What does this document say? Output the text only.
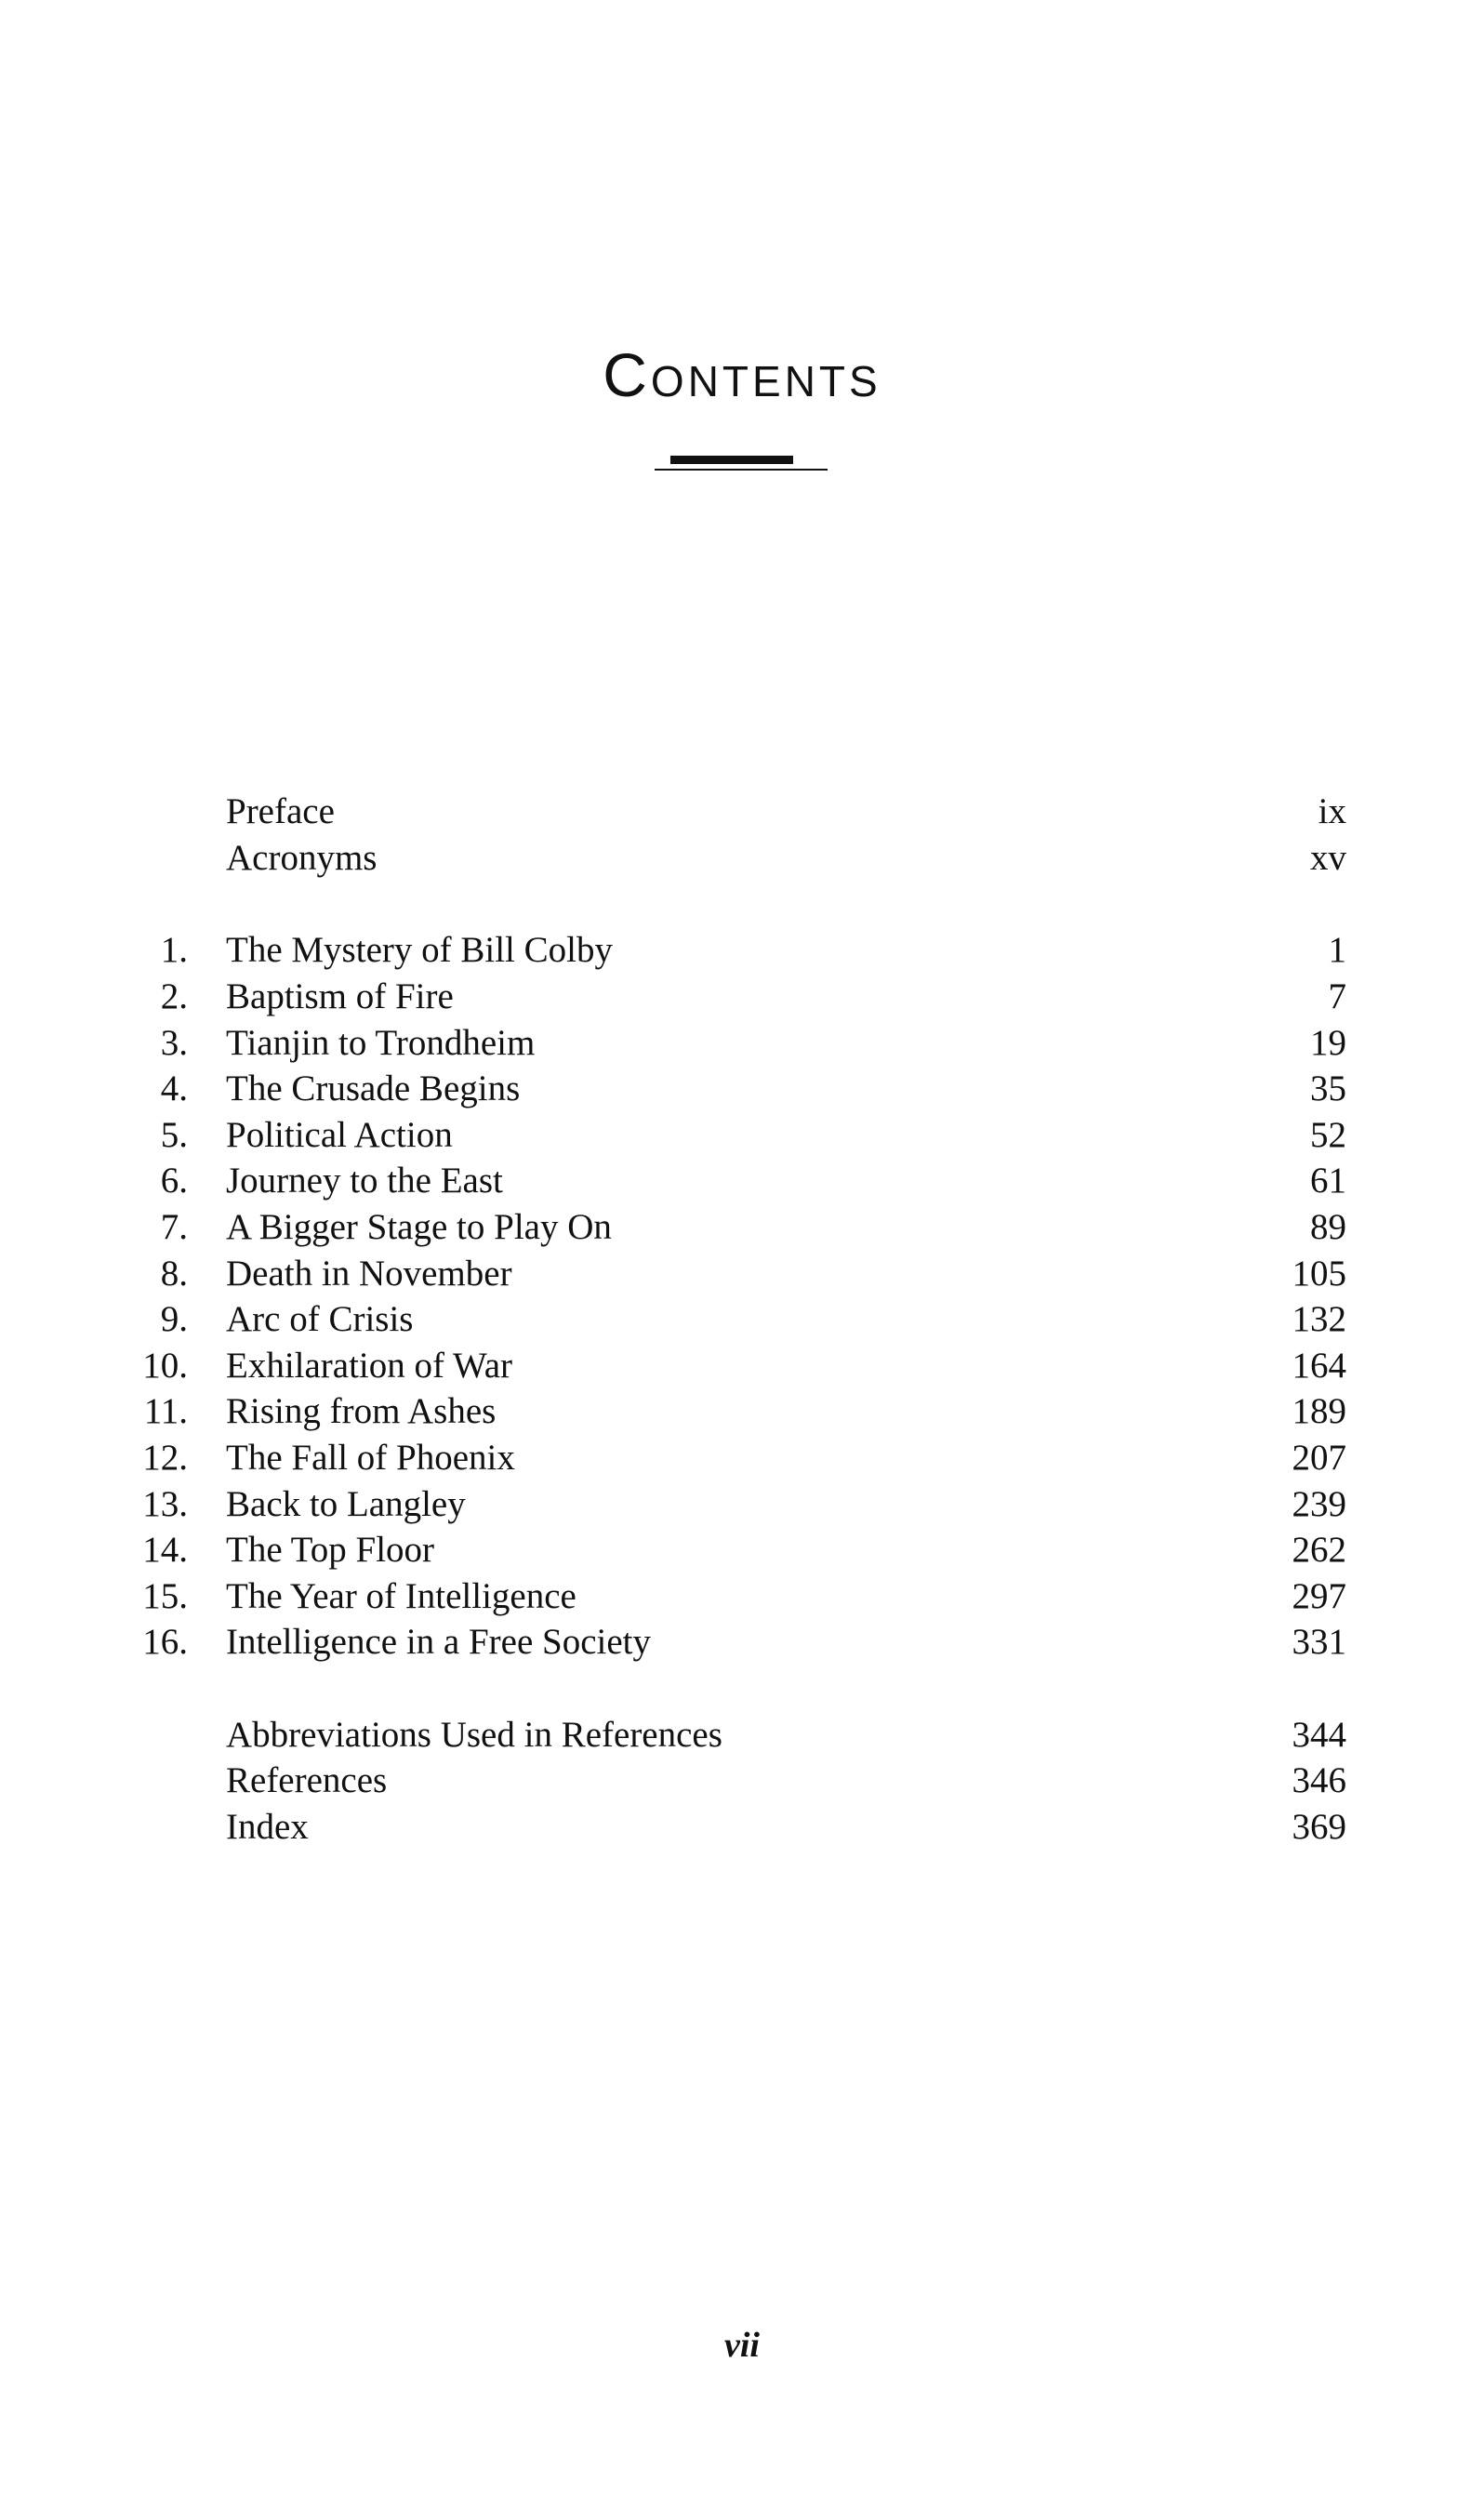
Contents
Preface	ix
Acronyms	xv
1. The Mystery of Bill Colby	1
2. Baptism of Fire	7
3. Tianjin to Trondheim	19
4. The Crusade Begins	35
5. Political Action	52
6. Journey to the East	61
7. A Bigger Stage to Play On	89
8. Death in November	105
9. Arc of Crisis	132
10. Exhilaration of War	164
11. Rising from Ashes	189
12. The Fall of Phoenix	207
13. Back to Langley	239
14. The Top Floor	262
15. The Year of Intelligence	297
16. Intelligence in a Free Society	331
Abbreviations Used in References	344
References	346
Index	369
vii
